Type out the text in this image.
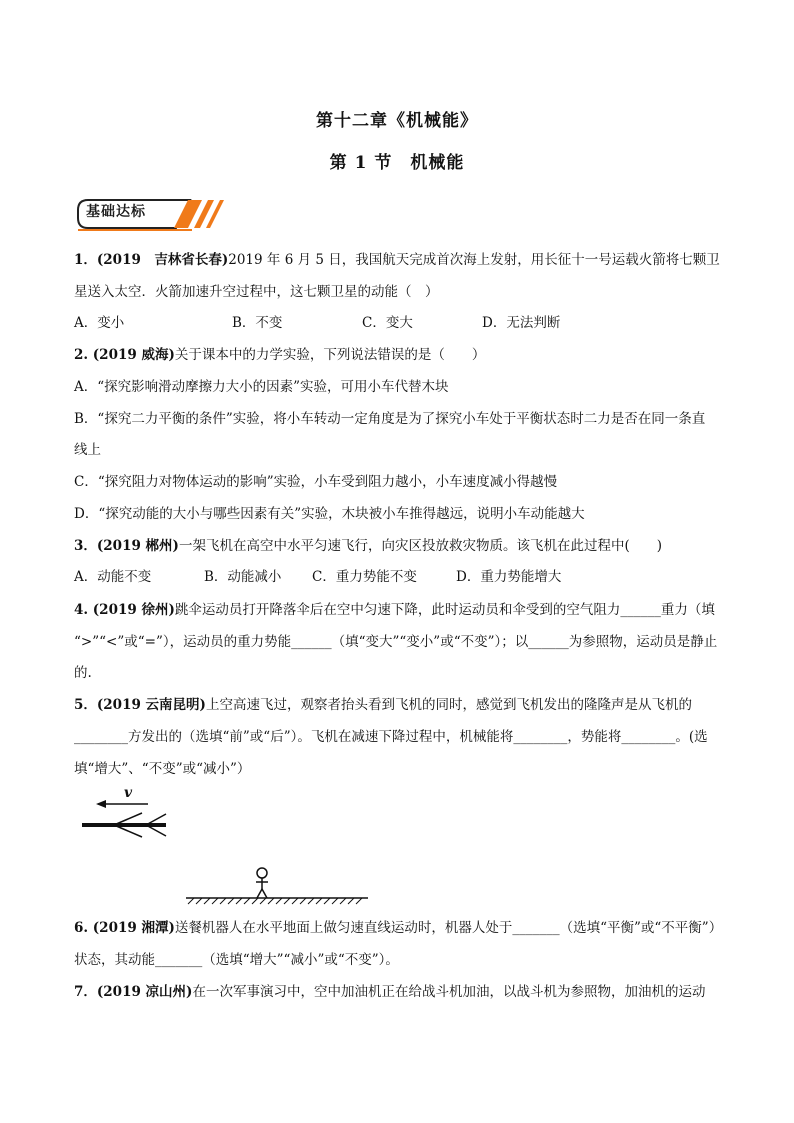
第十二章《机械能》
第 1 节　机械能
基础达标
1．(2019　吉林省长春)2019 年 6 月 5 日，我国航天完成首次海上发射，用长征十一号运载火箭将七颗卫
星送入太空．火箭加速升空过程中，这七颗卫星的动能（　）
A．变小	B．不变	C．变大	D．无法判断
2. (2019 威海)关于课本中的力学实验，下列说法错误的是（　　）
A．“探究影响滑动摩擦力大小的因素”实验，可用小车代替木块
B．“探究二力平衡的条件”实验，将小车转动一定角度是为了探究小车处于平衡状态时二力是否在同一条直
线上
C．“探究阻力对物体运动的影响”实验，小车受到阻力越小，小车速度减小得越慢
D．“探究动能的大小与哪些因素有关”实验，木块被小车推得越远，说明小车动能越大
3．(2019 郴州)一架飞机在高空中水平匀速飞行，向灾区投放救灾物质。该飞机在此过程中(　　)
A．动能不变	B．动能减小 C．重力势能不变	D．重力势能增大
4. (2019 徐州)跳伞运动员打开降落伞后在空中匀速下降，此时运动员和伞受到的空气阻力______重力（填
“>”“<”或“=”），运动员的重力势能______（填“变大”“变小”或“不变”）；以______为参照物，运动员是静止
的.
5．(2019 云南昆明)上空高速飞过，观察者抬头看到飞机的同时，感觉到飞机发出的隆隆声是从飞机的
________方发出的（选填“前”或“后”）。飞机在减速下降过程中，机械能将________，势能将________。(选
填“增大”、“不变”或“减小”）
v
6. (2019 湘潭)送餐机器人在水平地面上做匀速直线运动时，机器人处于_______（选填“平衡”或“不平衡”）
状态，其动能_______（选填“增大”“减小”或“不变”）。
7．(2019 凉山州)在一次军事演习中，空中加油机正在给战斗机加油，以战斗机为参照物，加油机的运动
